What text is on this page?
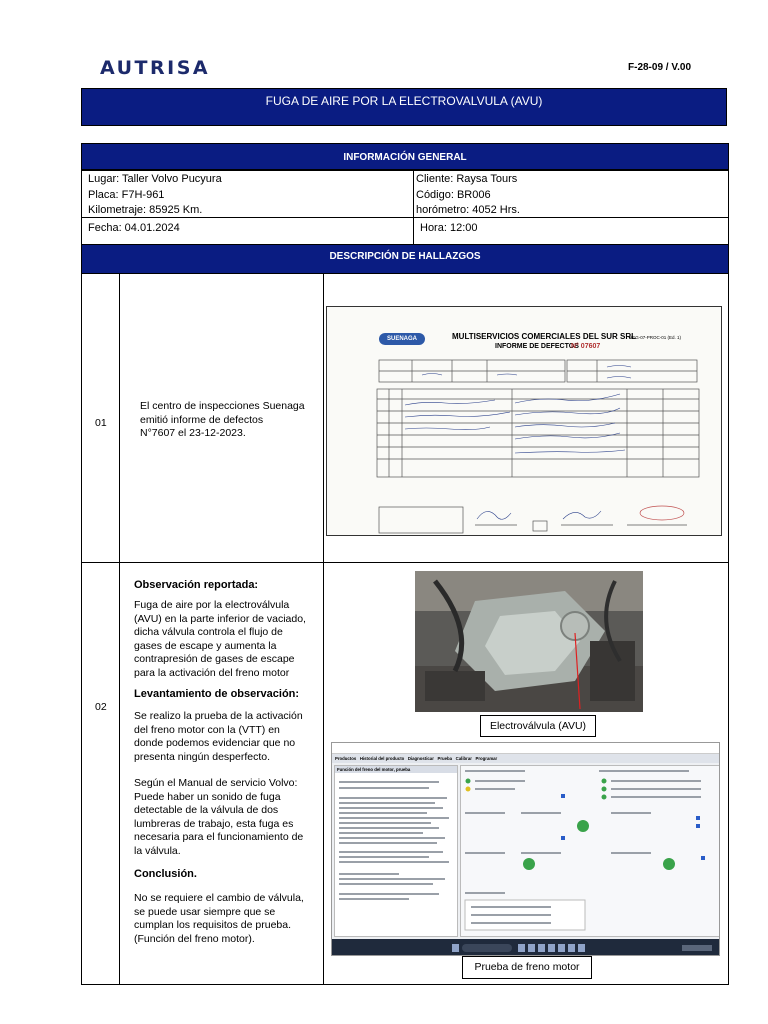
AUTRISA	F-28-09 / V.00
FUGA DE AIRE POR LA ELECTROVALVULA (AVU)
INFORMACIÓN GENERAL
Lugar: Taller Volvo Pucyura
Placa: F7H-961
Kilometraje: 85925 Km.
Cliente: Raysa Tours
Código: BR006
horómetro: 4052 Hrs.
Fecha: 04.01.2024	Hora: 12:00
DESCRIPCIÓN DE HALLAZGOS
01
El centro de inspecciones Suenaga
emitió informe de defectos
N°7607 el 23-12-2023.
SUENAGA	MULTISERVICIOS COMERCIALES DEL SUR SRL
INFORME DE DEFECTOS
N° 07607
REG-07-PROC-01 (Ed. 1)
02
Observación reportada:
Fuga de aire por la electroválvula
(AVU) en la parte inferior de vaciado,
dicha válvula controla el flujo de
gases de escape y aumenta la
contrapresión de gases de escape
para la activación del freno motor
Levantamiento de observación:
Se realizo la prueba de la activación
del freno motor con la (VTT) en
donde podemos evidenciar que no
presenta ningún desperfecto.
Según el Manual de servicio Volvo:
Puede haber un sonido de fuga
detectable de la válvula de dos
lumbreras de trabajo, esta fuga es
necesaria para el funcionamiento de
la válvula.
Conclusión.
No se requiere el cambio de válvula,
se puede usar siempre que se
cumplan los requisitos de prueba.
(Función del freno motor).
Electroválvula (AVU)
Productos Historial del producto Diagnosticar Prueba Calibrar Programar
Función del freno del motor, prueba
Prueba de freno motor
